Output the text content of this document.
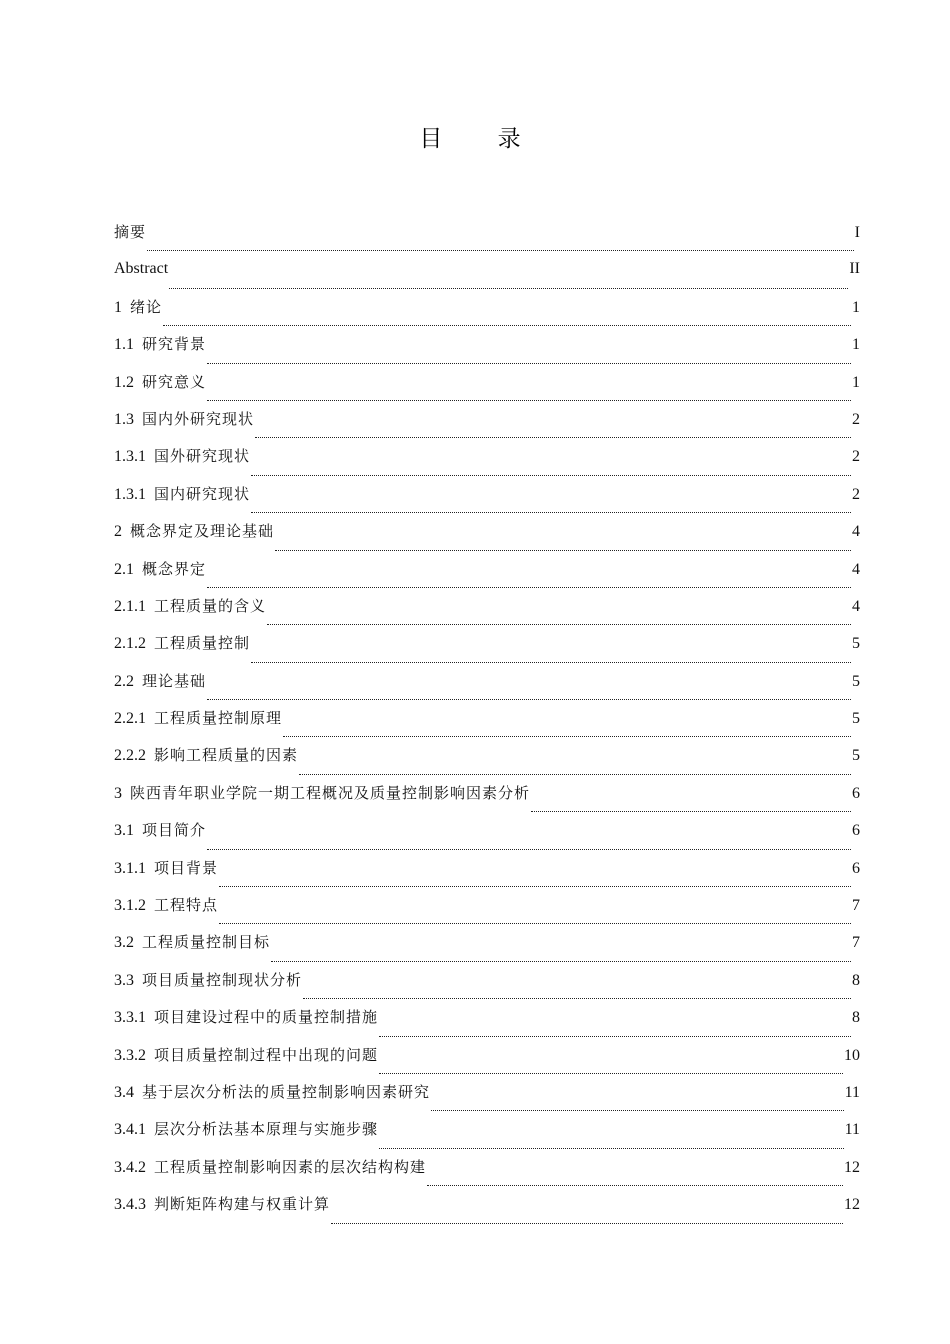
目 录
摘要	I
Abstract	II
1 绪论	1
1.1 研究背景	1
1.2 研究意义	1
1.3 国内外研究现状	2
1.3.1 国外研究现状	2
1.3.1 国内研究现状	2
2 概念界定及理论基础	4
2.1 概念界定	4
2.1.1 工程质量的含义	4
2.1.2 工程质量控制	5
2.2 理论基础	5
2.2.1 工程质量控制原理	5
2.2.2 影响工程质量的因素	5
3 陕西青年职业学院一期工程概况及质量控制影响因素分析	6
3.1 项目简介	6
3.1.1 项目背景	6
3.1.2 工程特点	7
3.2 工程质量控制目标	7
3.3 项目质量控制现状分析	8
3.3.1 项目建设过程中的质量控制措施	8
3.3.2 项目质量控制过程中出现的问题	10
3.4 基于层次分析法的质量控制影响因素研究	11
3.4.1 层次分析法基本原理与实施步骤	11
3.4.2 工程质量控制影响因素的层次结构构建	12
3.4.3 判断矩阵构建与权重计算	12
